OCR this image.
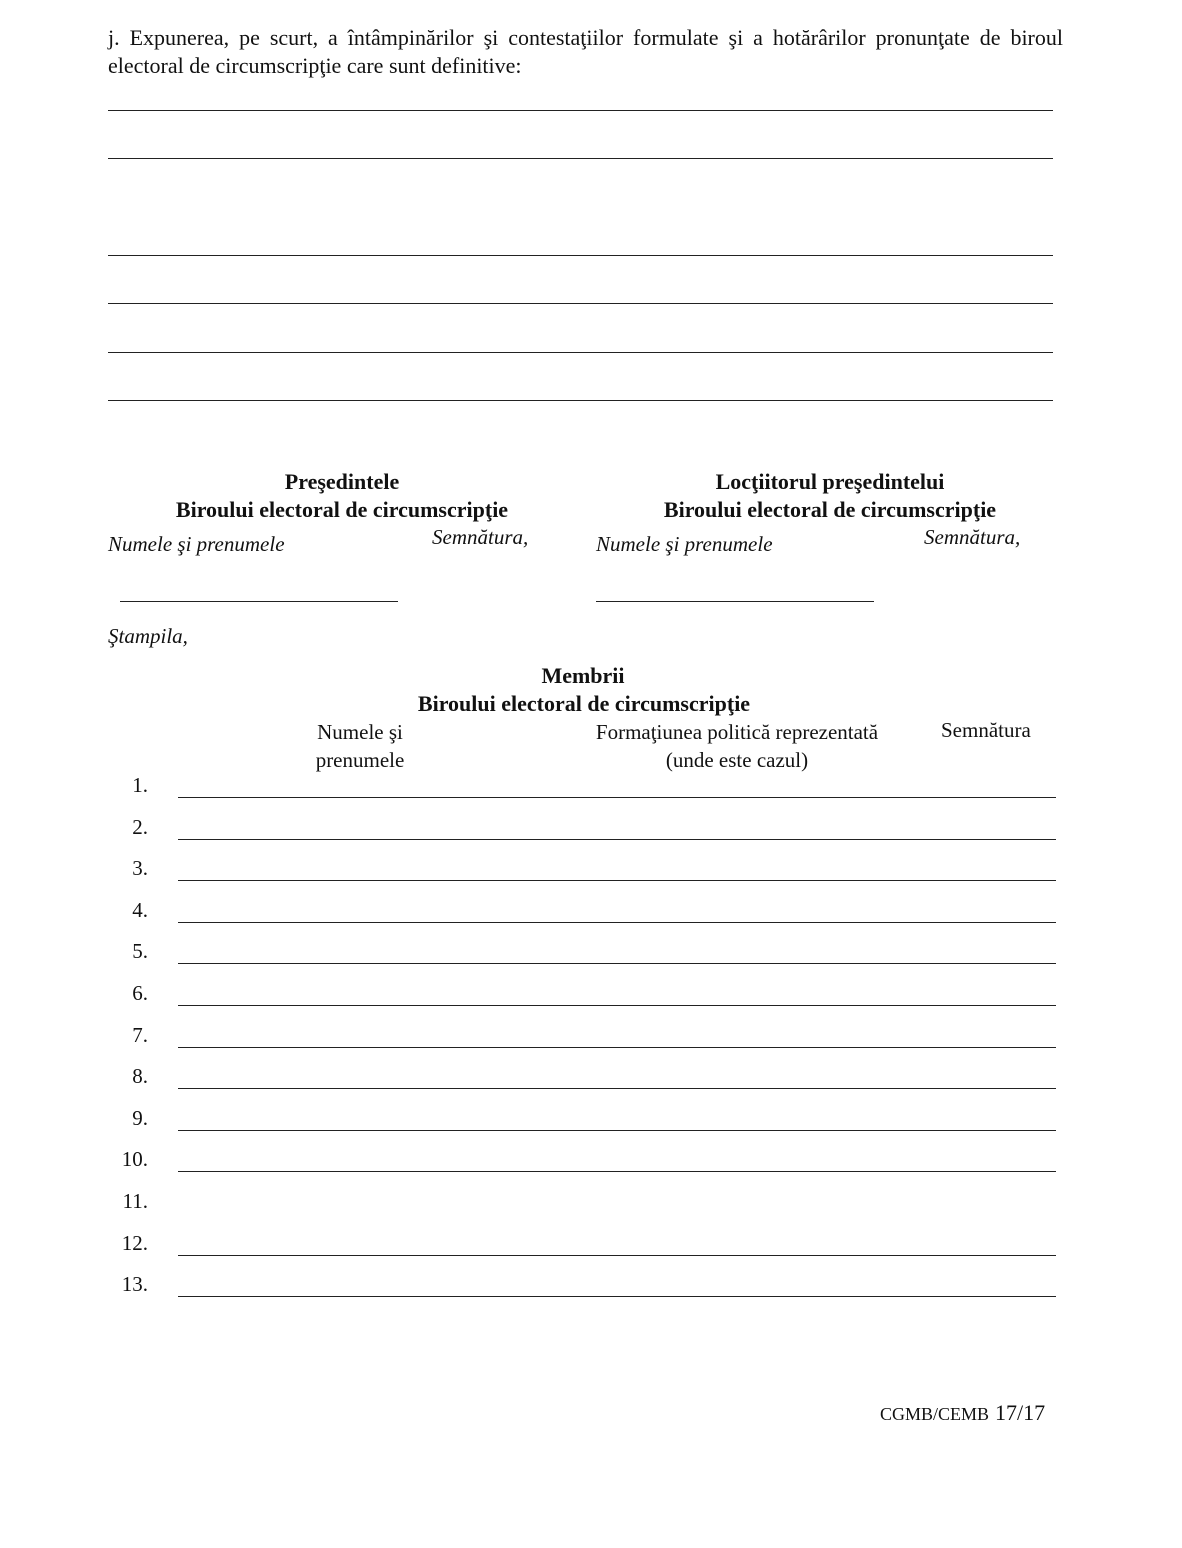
j. Expunerea, pe scurt, a întâmpinărilor şi contestaţiilor formulate şi a hotărârilor pronunţate de biroul electoral de circumscripţie care sunt definitive:
Preşedintele
Biroului electoral de circumscripţie
Numele şi prenumele	Semnătura,
Locţiitorul preşedintelui
Biroului electoral de circumscripţie
Numele şi prenumele	Semnătura,
Ştampila,
Membrii
Biroului electoral de circumscripţie
Numele şi
prenumele
Formaţiunea politică reprezentată
(unde este cazul)
Semnătura
1.
2.
3.
4.
5.
6.
7.
8.
9.
10.
11.
12.
13.
CGMB/CEMB 17/17
